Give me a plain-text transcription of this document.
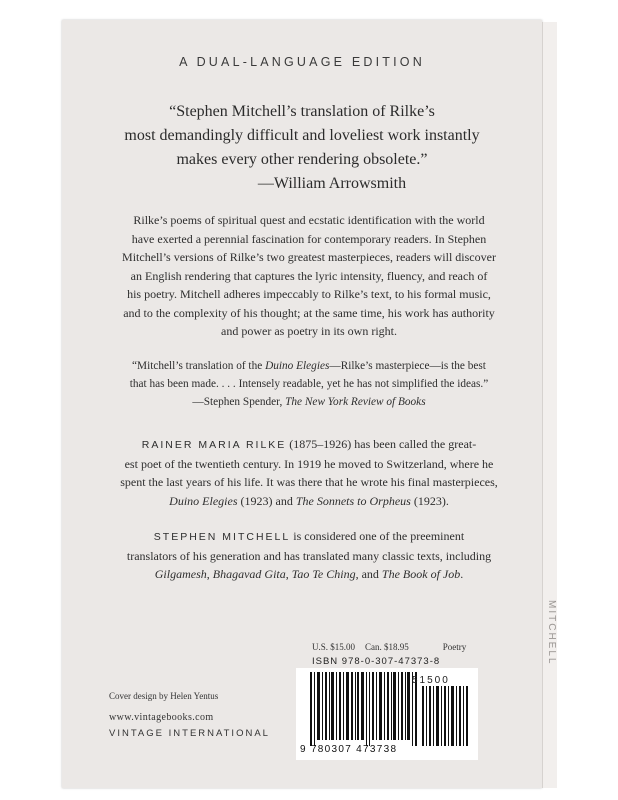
MITCHELL
A DUAL-LANGUAGE EDITION
“Stephen Mitchell’s translation of Rilke’s
most demandingly difficult and loveliest work instantly
makes every other rendering obsolete.”
—William Arrowsmith
Rilke’s poems of spiritual quest and ecstatic identification with the world
have exerted a perennial fascination for contemporary readers. In Stephen
Mitchell’s versions of Rilke’s two greatest masterpieces, readers will discover
an English rendering that captures the lyric intensity, fluency, and reach of
his poetry. Mitchell adheres impeccably to Rilke’s text, to his formal music,
and to the complexity of his thought; at the same time, his work has authority
and power as poetry in its own right.
“Mitchell’s translation of the Duino Elegies—Rilke’s masterpiece—is the best
that has been made. . . . Intensely readable, yet he has not simplified the ideas.”
—Stephen Spender, The New York Review of Books
RAINER MARIA RILKE (1875–1926) has been called the great-
est poet of the twentieth century. In 1919 he moved to Switzerland, where he
spent the last years of his life. It was there that he wrote his final masterpieces,
Duino Elegies (1923) and The Sonnets to Orpheus (1923).
STEPHEN MITCHELL is considered one of the preeminent
translators of his generation and has translated many classic texts, including
Gilgamesh, Bhagavad Gita, Tao Te Ching, and The Book of Job.
U.S. $15.00 Can. $18.95	Poetry
ISBN 978-0-307-47373-8
51500
9 780307 473738
Cover design by Helen Yentus
www.vintagebooks.com
VINTAGE INTERNATIONAL
